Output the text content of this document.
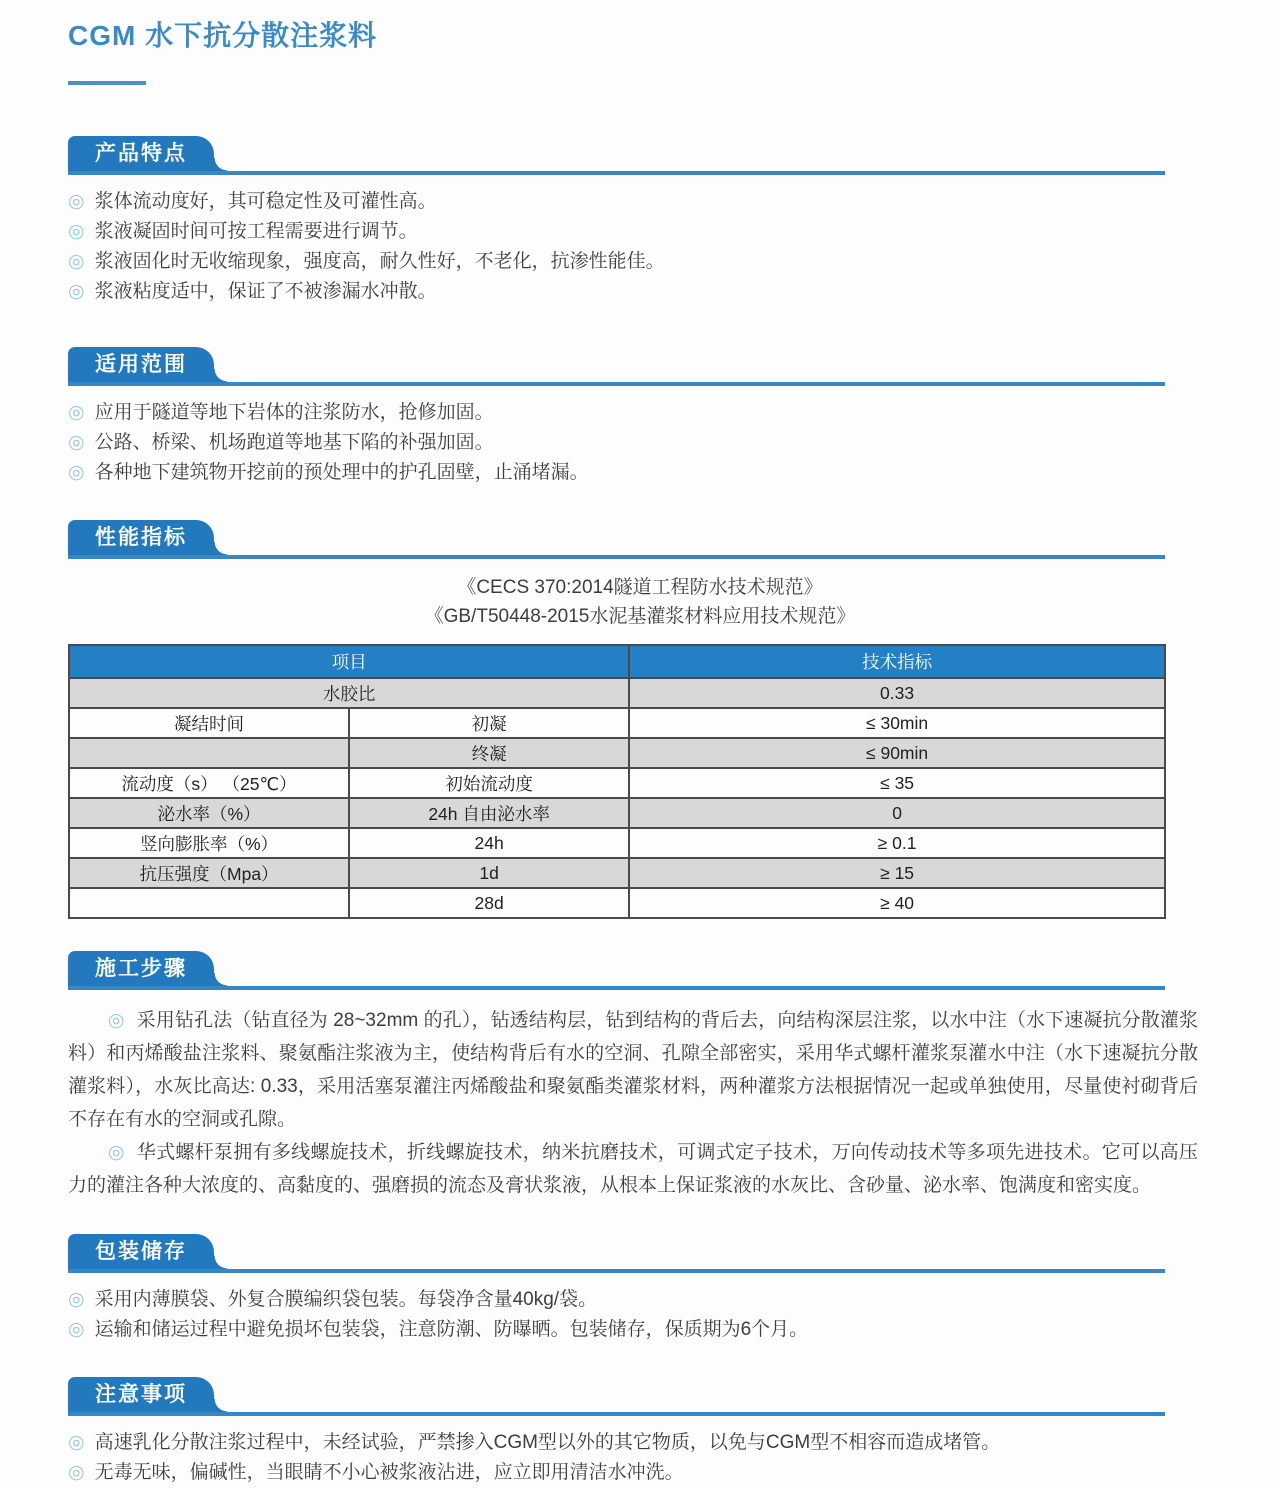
CGM 水下抗分散注浆料
产品特点
◎ 浆体流动度好，其可稳定性及可灌性高。
◎ 浆液凝固时间可按工程需要进行调节。
◎ 浆液固化时无收缩现象，强度高，耐久性好，不老化，抗渗性能佳。
◎ 浆液粘度适中，保证了不被渗漏水冲散。
适用范围
◎ 应用于隧道等地下岩体的注浆防水，抢修加固。
◎ 公路、桥梁、机场跑道等地基下陷的补强加固。
◎ 各种地下建筑物开挖前的预处理中的护孔固壁，止涌堵漏。
性能指标
《CECS 370:2014隧道工程防水技术规范》
《GB/T50448-2015水泥基灌浆材料应用技术规范》
项目		技术指标
水胶比		0.33
凝结时间	初凝	≤ 30min
	终凝	≤ 90min
流动度（s） （25℃）	初始流动度	≤ 35
泌水率（%）	24h 自由泌水率	0
竖向膨胀率（%）	24h	≥ 0.1
抗压强度（Mpa）	1d	≥ 15
	28d	≥ 40
施工步骤

◎ 采用钻孔法（钻直径为 28~32mm 的孔），钻透结构层，钻到结构的背后去，向结构深层注浆，以水中注（水下速凝抗分散灌浆料）和丙烯酸盐注浆料、聚氨酯注浆液为主，使结构背后有水的空洞、孔隙全部密实，采用华式螺杆灌浆泵灌水中注（水下速凝抗分散灌浆料），水灰比高达: 0.33，采用活塞泵灌注丙烯酸盐和聚氨酯类灌浆材料，两种灌浆方法根据情况一起或单独使用，尽量使衬砌背后不存在有水的空洞或孔隙。

◎ 华式螺杆泵拥有多线螺旋技术，折线螺旋技术，纳米抗磨技术，可调式定子技术，万向传动技术等多项先进技术。它可以高压力的灌注各种大浓度的、高黏度的、强磨损的流态及膏状浆液，从根本上保证浆液的水灰比、含砂量、泌水率、饱满度和密实度。

包装储存
◎ 采用内薄膜袋、外复合膜编织袋包装。每袋净含量40kg/袋。
◎ 运输和储运过程中避免损坏包装袋，注意防潮、防曝晒。包装储存，保质期为6个月。
注意事项
◎ 高速乳化分散注浆过程中，未经试验，严禁掺入CGM型以外的其它物质，以免与CGM型不相容而造成堵管。
◎ 无毒无味，偏碱性，当眼睛不小心被浆液沾进，应立即用清洁水冲洗。
